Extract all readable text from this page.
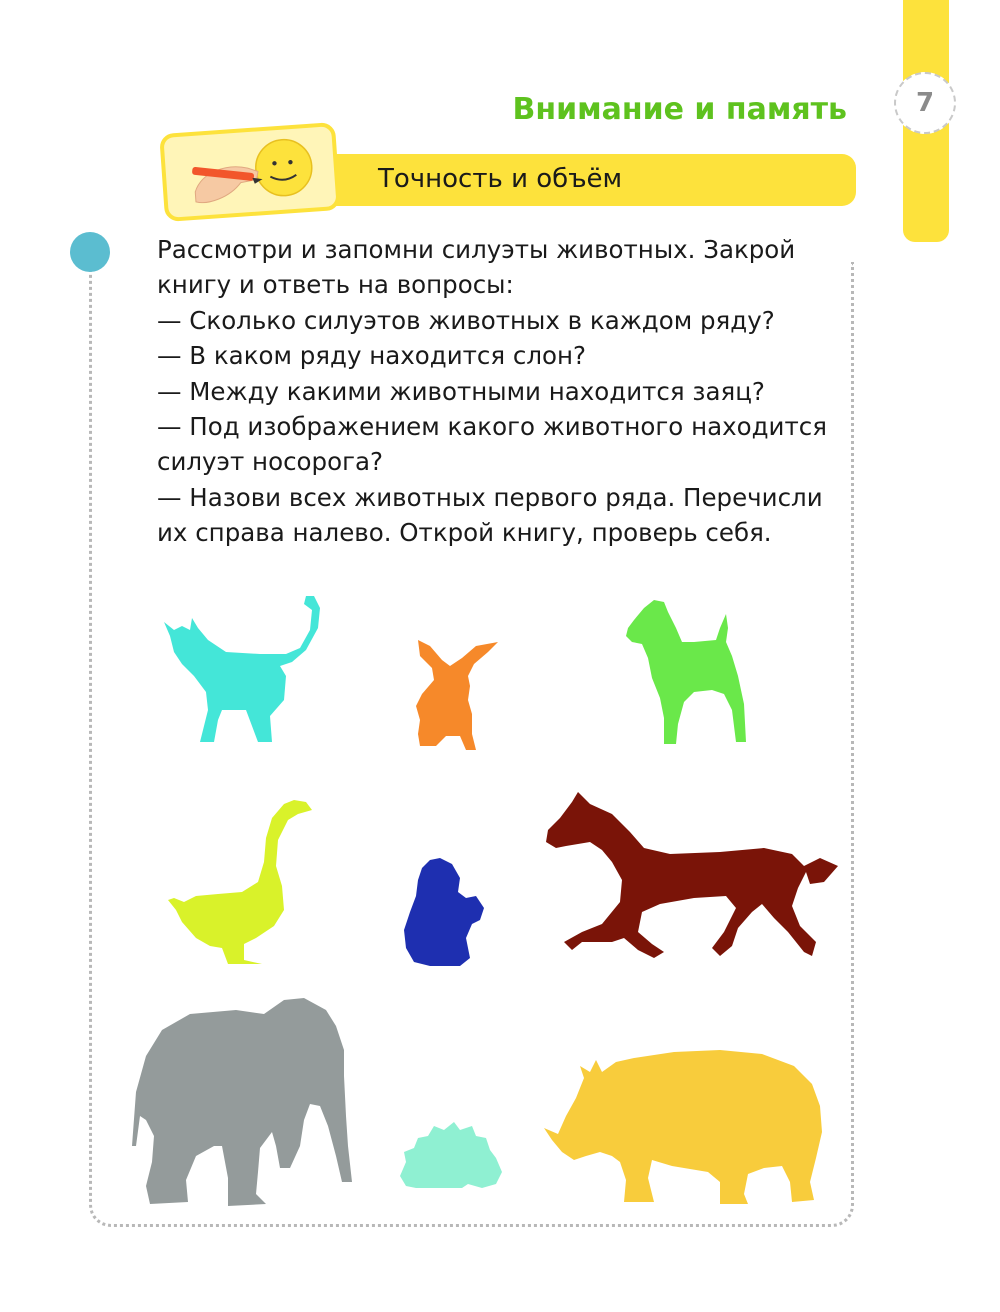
7
Внимание и память
Точность и объём
Рассмотри и запомни силуэты животных. Закрой
книгу и ответь на вопросы:
— Сколько силуэтов животных в каждом ряду?
— В каком ряду находится слон?
— Между какими животными находится заяц?
— Под изображением какого животного находится
силуэт носорога?
— Назови всех животных первого ряда. Перечисли
их справа налево. Открой книгу, проверь себя.
